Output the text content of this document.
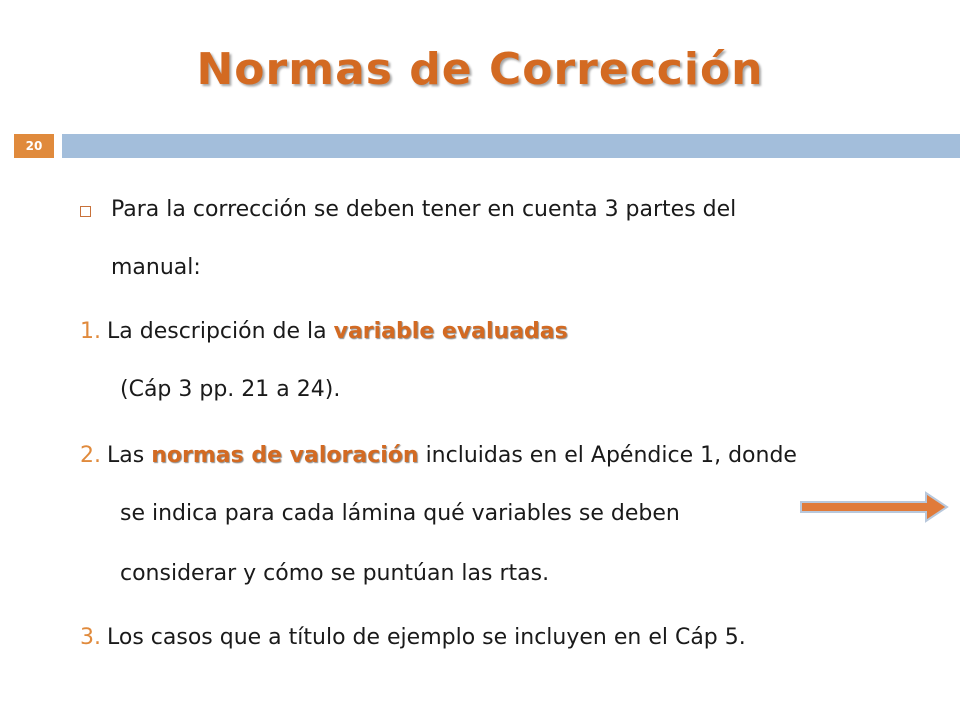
Normas de Corrección
20
Para la corrección se deben tener en cuenta 3 partes del
manual:
1. La descripción de la variable evaluadas
(Cáp 3 pp. 21 a 24).
2. Las normas de valoración incluidas en el Apéndice 1, donde
se indica para cada lámina qué variables se deben
considerar y cómo se puntúan las rtas.
3. Los casos que a título de ejemplo se incluyen en el Cáp 5.
